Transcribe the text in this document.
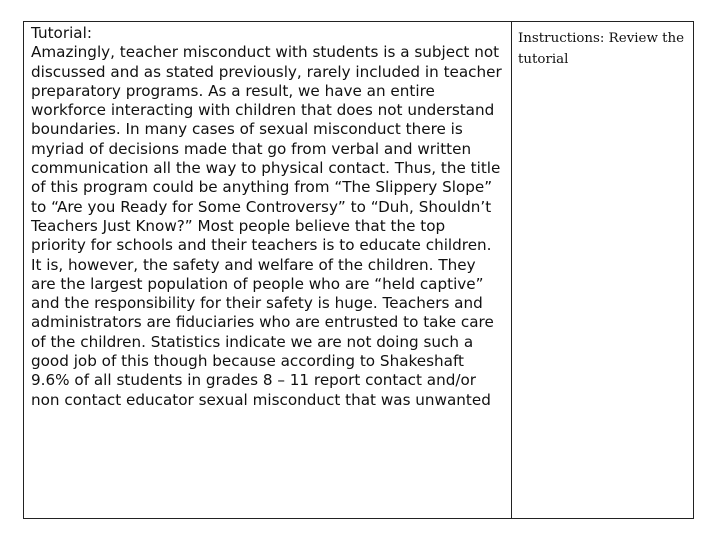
Tutorial:

Amazingly, teacher misconduct with students is a subject not discussed and as stated previously, rarely included in teacher preparatory programs. As a result, we have an entire workforce interacting with children that does not understand boundaries. In many cases of sexual misconduct there is myriad of decisions made that go from verbal and written communication all the way to physical contact. Thus, the title of this program could be anything from “The Slippery Slope” to “Are you Ready for Some Controversy” to “Duh, Shouldn’t Teachers Just Know?” Most people believe that the top priority for schools and their teachers is to educate children. It is, however, the safety and welfare of the children. They are the largest population of people who are “held captive” and the responsibility for their safety is huge. Teachers and administrators are fiduciaries who are entrusted to take care of the children. Statistics indicate we are not doing such a good job of this though because according to Shakeshaft 9.6% of all students in grades 8 – 11 report contact and/or non contact educator sexual misconduct that was unwanted

Instructions: Review the tutorial
